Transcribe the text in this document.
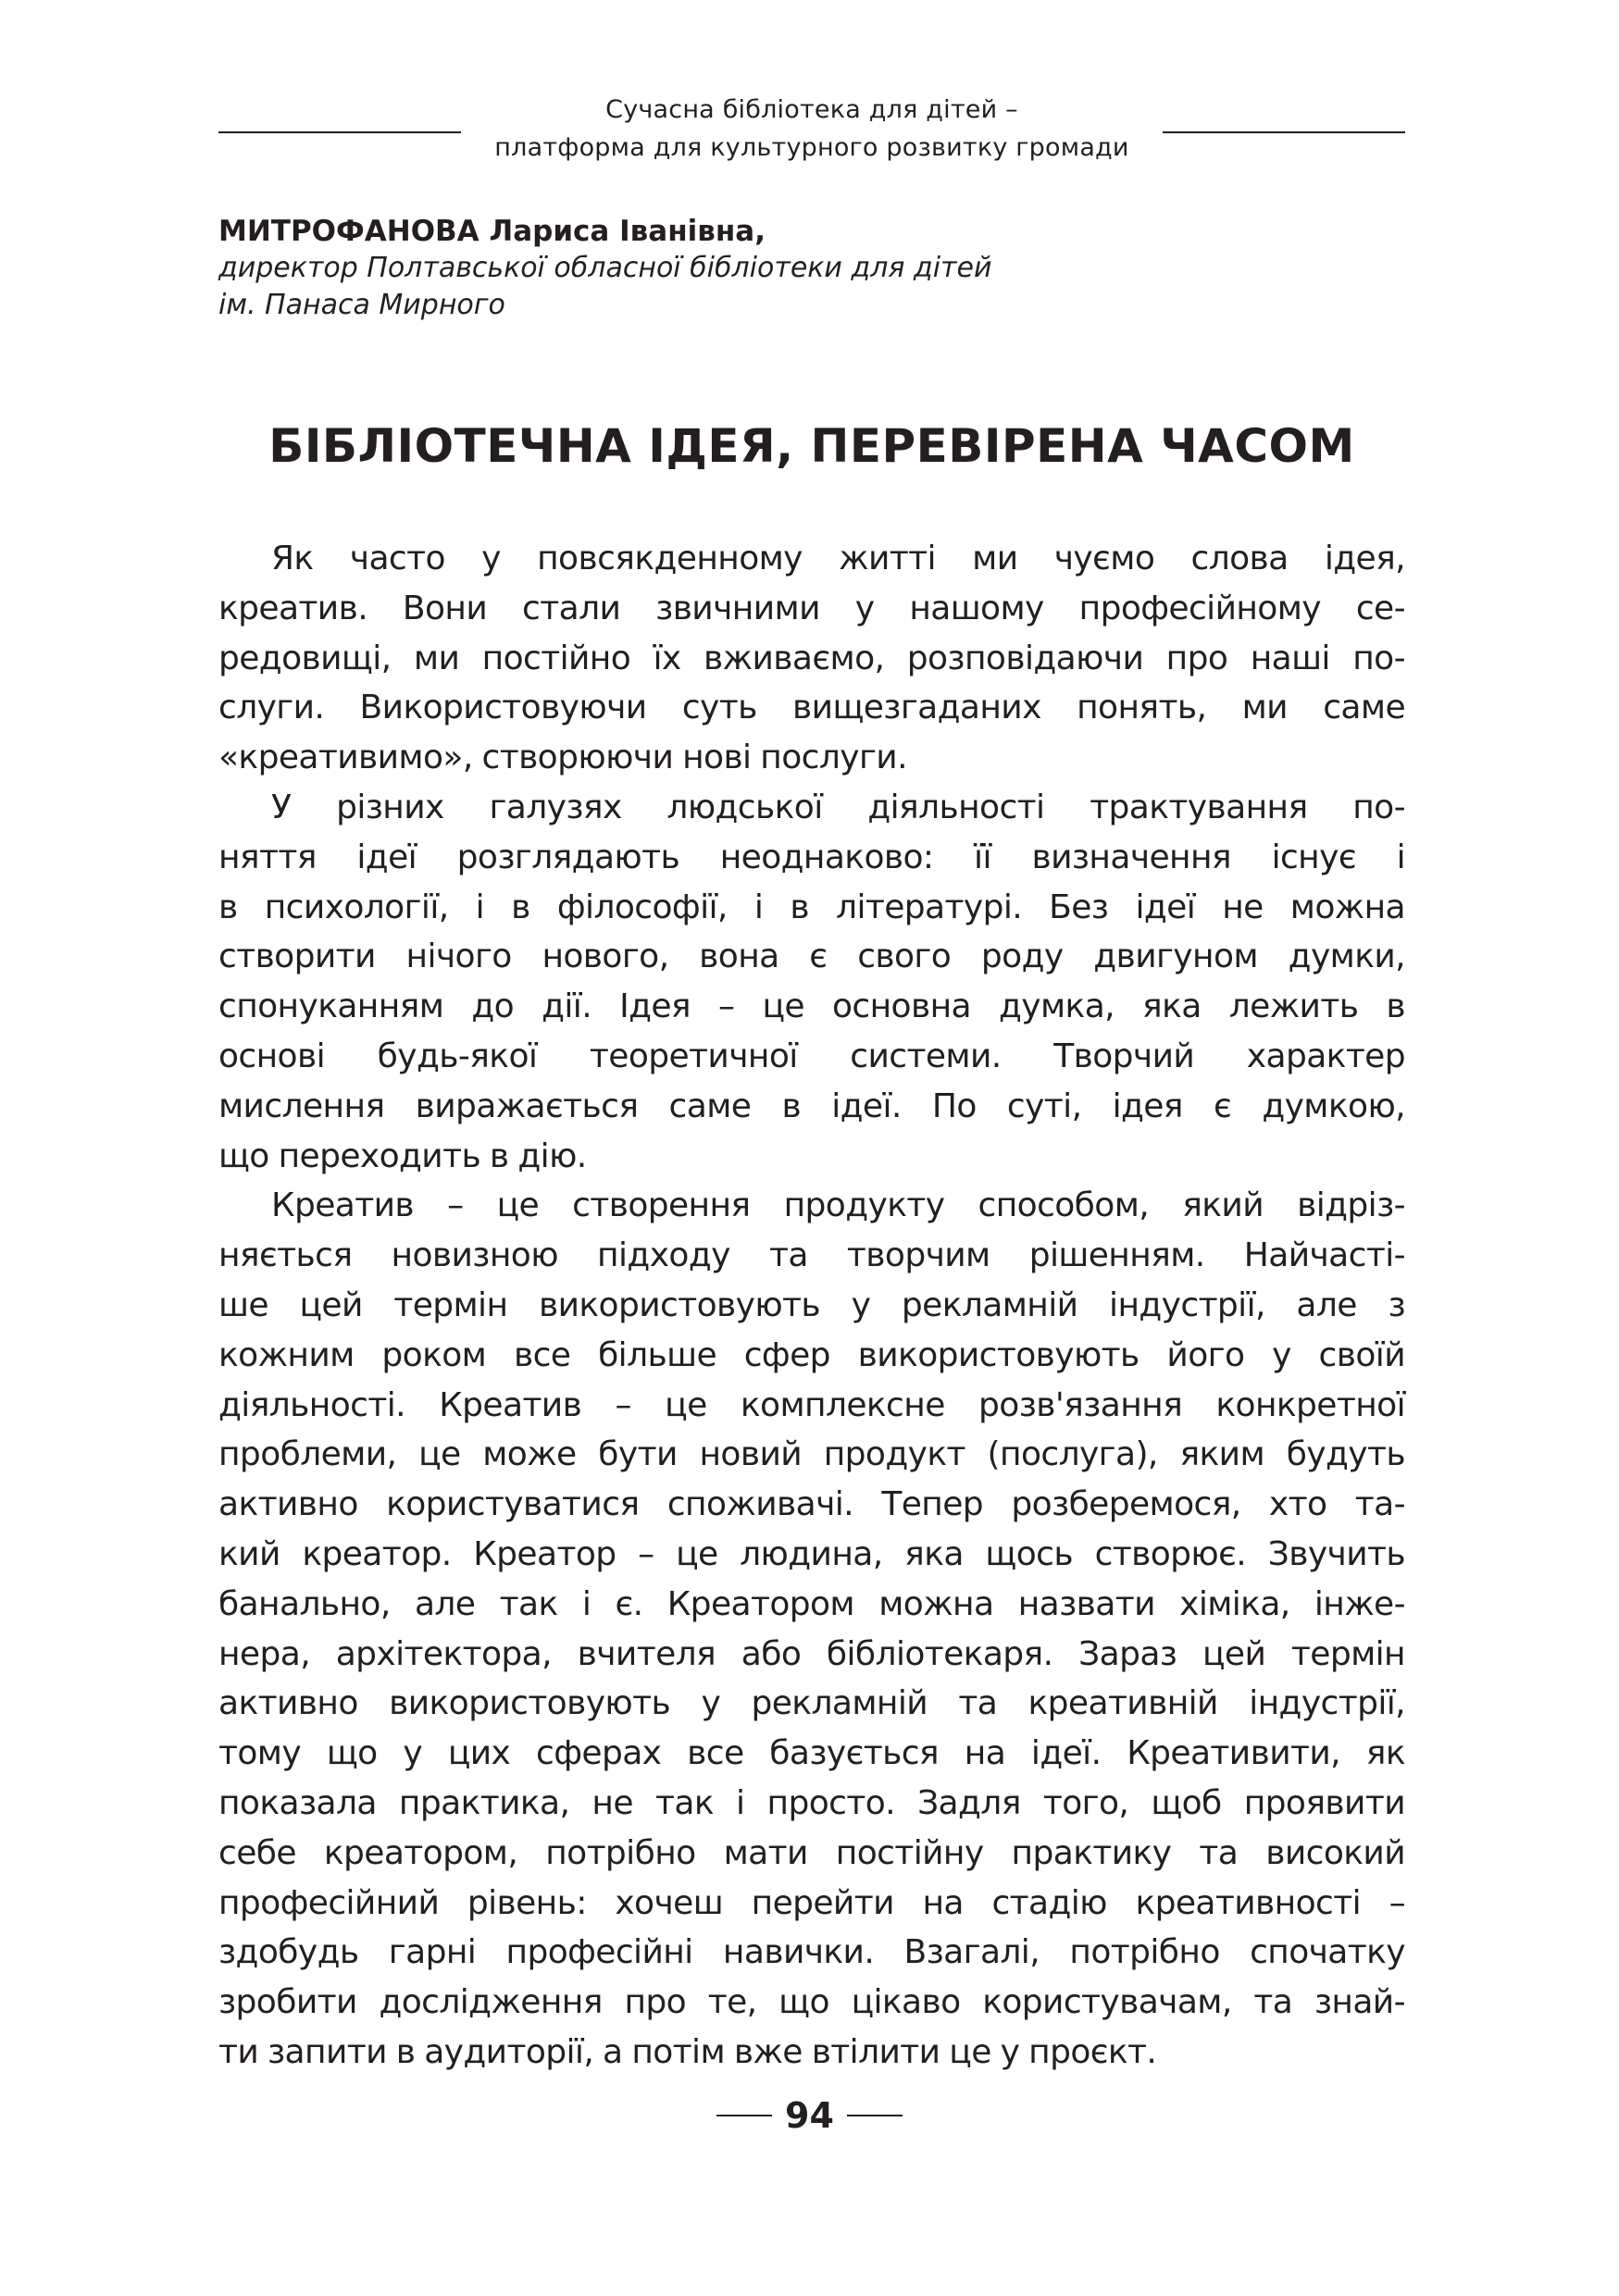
Сучасна бібліотека для дітей –
платформа для культурного розвитку громади
МИТРОФАНОВА Лариса Іванівна,
директор Полтавської обласної бібліотеки для дітей
ім. Панаса Мирного
БІБЛІОТЕЧНА ІДЕЯ, ПЕРЕВІРЕНА ЧАСОМ
Як часто у повсякденному житті ми чуємо слова ідея,
креатив. Вони стали звичними у нашому професійному се-
редовищі, ми постійно їх вживаємо, розповідаючи про наші по-
слуги. Використовуючи суть вищезгаданих понять, ми саме
«креативимо», створюючи нові послуги.
У різних галузях людської діяльності трактування по-
няття ідеї розглядають неоднаково: її визначення існує і
в психології, і в філософії, і в літературі. Без ідеї не можна
створити нічого нового, вона є свого роду двигуном думки,
спонуканням до дії. Ідея – це основна думка, яка лежить в
основі будь-якої теоретичної системи. Творчий характер
мислення виражається саме в ідеї. По суті, ідея є думкою,
що переходить в дію.
Креатив – це створення продукту способом, який відріз-
няється новизною підходу та творчим рішенням. Найчасті-
ше цей термін використовують у рекламній індустрії, але з
кожним роком все більше сфер використовують його у своїй
діяльності. Креатив – це комплексне розв'язання конкретної
проблеми, це може бути новий продукт (послуга), яким будуть
активно користуватися споживачі. Тепер розберемося, хто та-
кий креатор. Креатор – це людина, яка щось створює. Звучить
банально, але так і є. Креатором можна назвати хіміка, інже-
нера, архітектора, вчителя або бібліотекаря. Зараз цей термін
активно використовують у рекламній та креативній індустрії,
тому що у цих сферах все базується на ідеї. Креативити, як
показала практика, не так і просто. Задля того, щоб проявити
себе креатором, потрібно мати постійну практику та високий
професійний рівень: хочеш перейти на стадію креативності –
здобудь гарні професійні навички. Взагалі, потрібно спочатку
зробити дослідження про те, що цікаво користувачам, та знай-
ти запити в аудиторії, а потім вже втілити це у проєкт.
94
